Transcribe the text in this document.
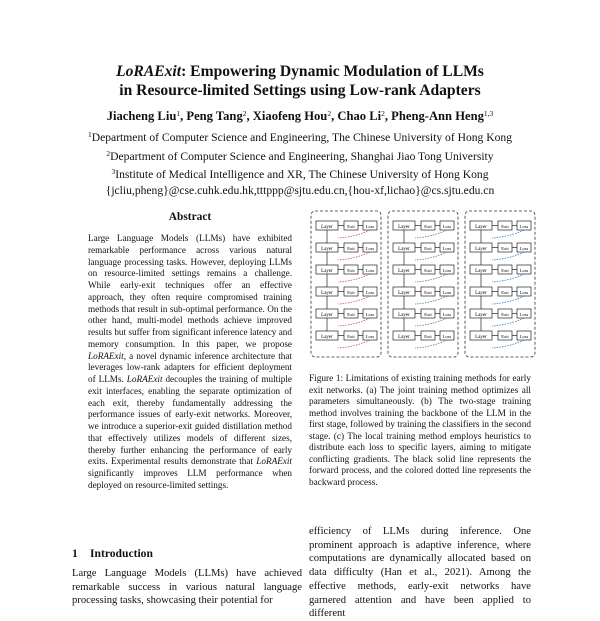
LoRAExit: Empowering Dynamic Modulation of LLMs
in Resource-limited Settings using Low-rank Adapters
Jiacheng Liu$^1$, Peng Tang$^2$, Xiaofeng Hou$^2$, Chao Li$^2$, Pheng-Ann Heng$^{1,3}$
$^1$Department of Computer Science and Engineering, The Chinese University of Hong Kong
$^2$Department of Computer Science and Engineering, Shanghai Jiao Tong University
$^3$Institute of Medical Intelligence and XR, The Chinese University of Hong Kong
{jcliu,pheng}@cse.cuhk.edu.hk,tttppp@sjtu.edu.cn,{hou-xf,lichao}@cs.sjtu.edu.cn
Abstract
Large Language Models (LLMs) have exhibited remarkable performance across various natural language processing tasks. However, deploying LLMs on resource-limited settings remains a challenge. While early-exit techniques offer an effective approach, they often require compromised training methods that result in sub-optimal performance. On the other hand, multi-model methods achieve improved results but suffer from significant inference latency and memory consumption. In this paper, we propose LoRAExit, a novel dynamic inference architecture that leverages low-rank adapters for efficient deployment of LLMs. LoRAExit decouples the training of multiple exit interfaces, enabling the separate optimization of each exit, thereby fundamentally addressing the performance issues of early-exit networks. Moreover, we introduce a superior-exit guided distillation method that effectively utilizes models of different sizes, thereby further enhancing the performance of early exits. Experimental results demonstrate that LoRAExit significantly improves LLM performance when deployed on resource-limited settings.
1 Introduction
Large Language Models (LLMs) have achieved remarkable success in various natural language processing tasks, showcasing their potential for
Layer	Exit Loss
Layer	Exit Loss
Layer	Exit Loss
Layer	Exit Loss
Layer	Exit Loss
Layer	Exit Loss
Layer	Exit Loss
Layer	Exit Loss
Layer	Exit Loss
Layer	Exit Loss
Layer	Exit Loss
Layer	Exit Loss
Layer	Exit Loss
Layer	Exit Loss
Layer	Exit Loss
Layer	Exit Loss
Layer	Exit Loss
Layer	Exit Loss
Figure 1: Limitations of existing training methods for early exit networks. (a) The joint training method optimizes all parameters simultaneously. (b) The two-stage training method involves training the backbone of the LLM in the first stage, followed by training the classifiers in the second stage. (c) The local training method employs heuristics to distribute each loss to specific layers, aiming to mitigate conflicting gradients. The black solid line represents the forward process, and the colored dotted line represents the backward process.
efficiency of LLMs during inference. One prominent approach is adaptive inference, where computations are dynamically allocated based on data difficulty (Han et al., 2021). Among the effective methods, early-exit networks have garnered attention and have been applied to different
